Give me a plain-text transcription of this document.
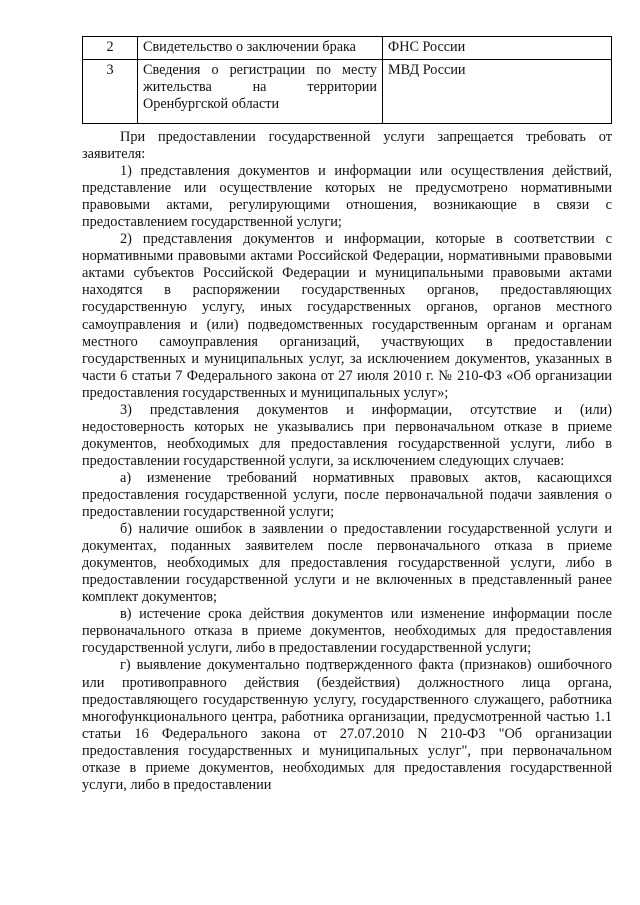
2	Свидетельство о заключении брака	ФНС России
3	Сведения о регистрации по месту жительства на территории Оренбургской области	МВД России

При предоставлении государственной услуги запрещается требовать от заявителя:

1) представления документов и информации или осуществления действий, представление или осуществление которых не предусмотрено нормативными правовыми актами, регулирующими отношения, возникающие в связи с предоставлением государственной услуги;

2) представления документов и информации, которые в соответствии с нормативными правовыми актами Российской Федерации, нормативными правовыми актами субъектов Российской Федерации и муниципальными правовыми актами находятся в распоряжении государственных органов, предоставляющих государственную услугу, иных государственных органов, органов местного самоуправления и (или) подведомственных государственным органам и органам местного самоуправления организаций, участвующих в предоставлении государственных и муниципальных услуг, за исключением документов, указанных в части 6 статьи 7 Федерального закона от 27 июля 2010 г. № 210-ФЗ «Об организации предоставления государственных и муниципальных услуг»;

3) представления документов и информации, отсутствие и (или) недостоверность которых не указывались при первоначальном отказе в приеме документов, необходимых для предоставления государственной услуги, либо в предоставлении государственной услуги, за исключением следующих случаев:

а) изменение требований нормативных правовых актов, касающихся предоставления государственной услуги, после первоначальной подачи заявления о предоставлении государственной услуги;

б) наличие ошибок в заявлении о предоставлении государственной услуги и документах, поданных заявителем после первоначального отказа в приеме документов, необходимых для предоставления государственной услуги, либо в предоставлении государственной услуги и не включенных в представленный ранее комплект документов;

в) истечение срока действия документов или изменение информации после первоначального отказа в приеме документов, необходимых для предоставления государственной услуги, либо в предоставлении государственной услуги;

г) выявление документально подтвержденного факта (признаков) ошибочного или противоправного действия (бездействия) должностного лица органа, предоставляющего государственную услугу, государственного служащего, работника многофункционального центра, работника организации, предусмотренной частью 1.1 статьи 16 Федерального закона от 27.07.2010 N 210-ФЗ "Об организации предоставления государственных и муниципальных услуг", при первоначальном отказе в приеме документов, необходимых для предоставления государственной услуги, либо в предоставлении
